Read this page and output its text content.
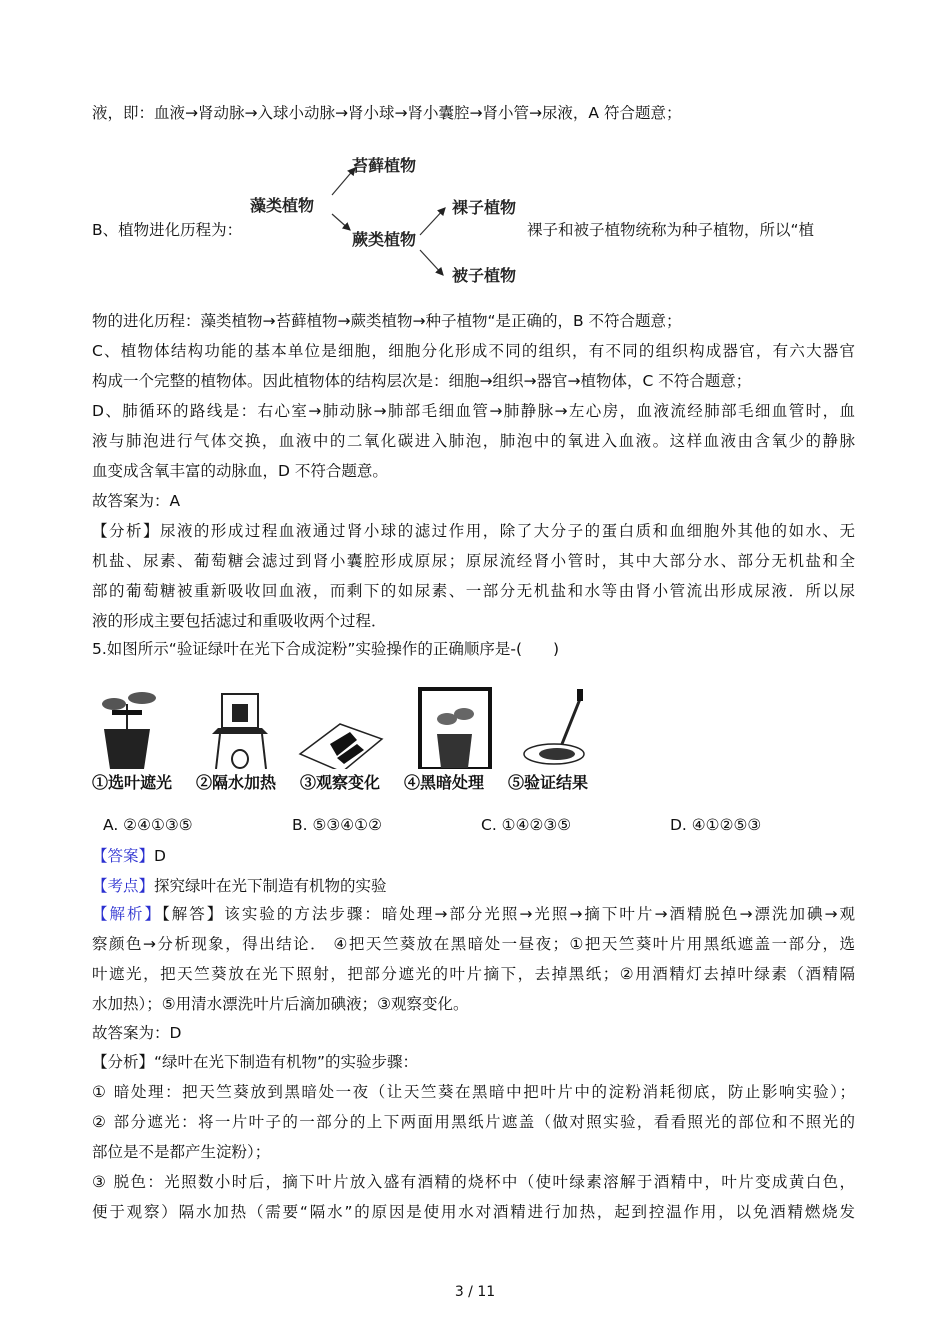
液，即：血液→肾动脉→入球小动脉→肾小球→肾小囊腔→肾小管→尿液，A 符合题意；
B、植物进化历程为：
藻类植物
苔藓植物
蕨类植物
裸子植物
被子植物
裸子和被子植物统称为种子植物，所以“植
物的进化历程：藻类植物→苔藓植物→蕨类植物→种子植物“是正确的，B 不符合题意；
C、植物体结构功能的基本单位是细胞，细胞分化形成不同的组织，有不同的组织构成器官，有六大器官
构成一个完整的植物体。因此植物体的结构层次是：细胞→组织→器官→植物体，C 不符合题意；
D、肺循环的路线是：右心室→肺动脉→肺部毛细血管→肺静脉→左心房，血液流经肺部毛细血管时，血
液与肺泡进行气体交换，血液中的二氧化碳进入肺泡，肺泡中的氧进入血液。这样血液由含氧少的静脉
血变成含氧丰富的动脉血，D 不符合题意。
故答案为：A
【分析】尿液的形成过程血液通过肾小球的滤过作用，除了大分子的蛋白质和血细胞外其他的如水、无
机盐、尿素、葡萄糖会滤过到肾小囊腔形成原尿；原尿流经肾小管时，其中大部分水、部分无机盐和全
部的葡萄糖被重新吸收回血液，而剩下的如尿素、一部分无机盐和水等由肾小管流出形成尿液．所以尿
液的形成主要包括滤过和重吸收两个过程．
5.如图所示“验证绿叶在光下合成淀粉”实验操作的正确顺序是-(　　)
①选叶遮光 ②隔水加热 ③观察变化 ④黑暗处理 ⑤验证结果
A. ②④①③⑤	B. ⑤③④①②	C. ①④②③⑤	D. ④①②⑤③
【答案】D
【考点】探究绿叶在光下制造有机物的实验
【解析】【解答】该实验的方法步骤：暗处理→部分光照→光照→摘下叶片→酒精脱色→漂洗加碘→观
察颜色→分析现象，得出结论． ④把天竺葵放在黑暗处一昼夜；①把天竺葵叶片用黑纸遮盖一部分，选
叶遮光，把天竺葵放在光下照射，把部分遮光的叶片摘下，去掉黑纸；②用酒精灯去掉叶绿素（酒精隔
水加热）；⑤用清水漂洗叶片后滴加碘液；③观察变化。
故答案为：D
【分析】“绿叶在光下制造有机物”的实验步骤：
① 暗处理：把天竺葵放到黑暗处一夜（让天竺葵在黑暗中把叶片中的淀粉消耗彻底，防止影响实验）；
② 部分遮光：将一片叶子的一部分的上下两面用黑纸片遮盖（做对照实验，看看照光的部位和不照光的
部位是不是都产生淀粉）；
③ 脱色：光照数小时后，摘下叶片放入盛有酒精的烧杯中（使叶绿素溶解于酒精中，叶片变成黄白色，
便于观察）隔水加热（需要“隔水”的原因是使用水对酒精进行加热，起到控温作用，以免酒精燃烧发
3 / 11
